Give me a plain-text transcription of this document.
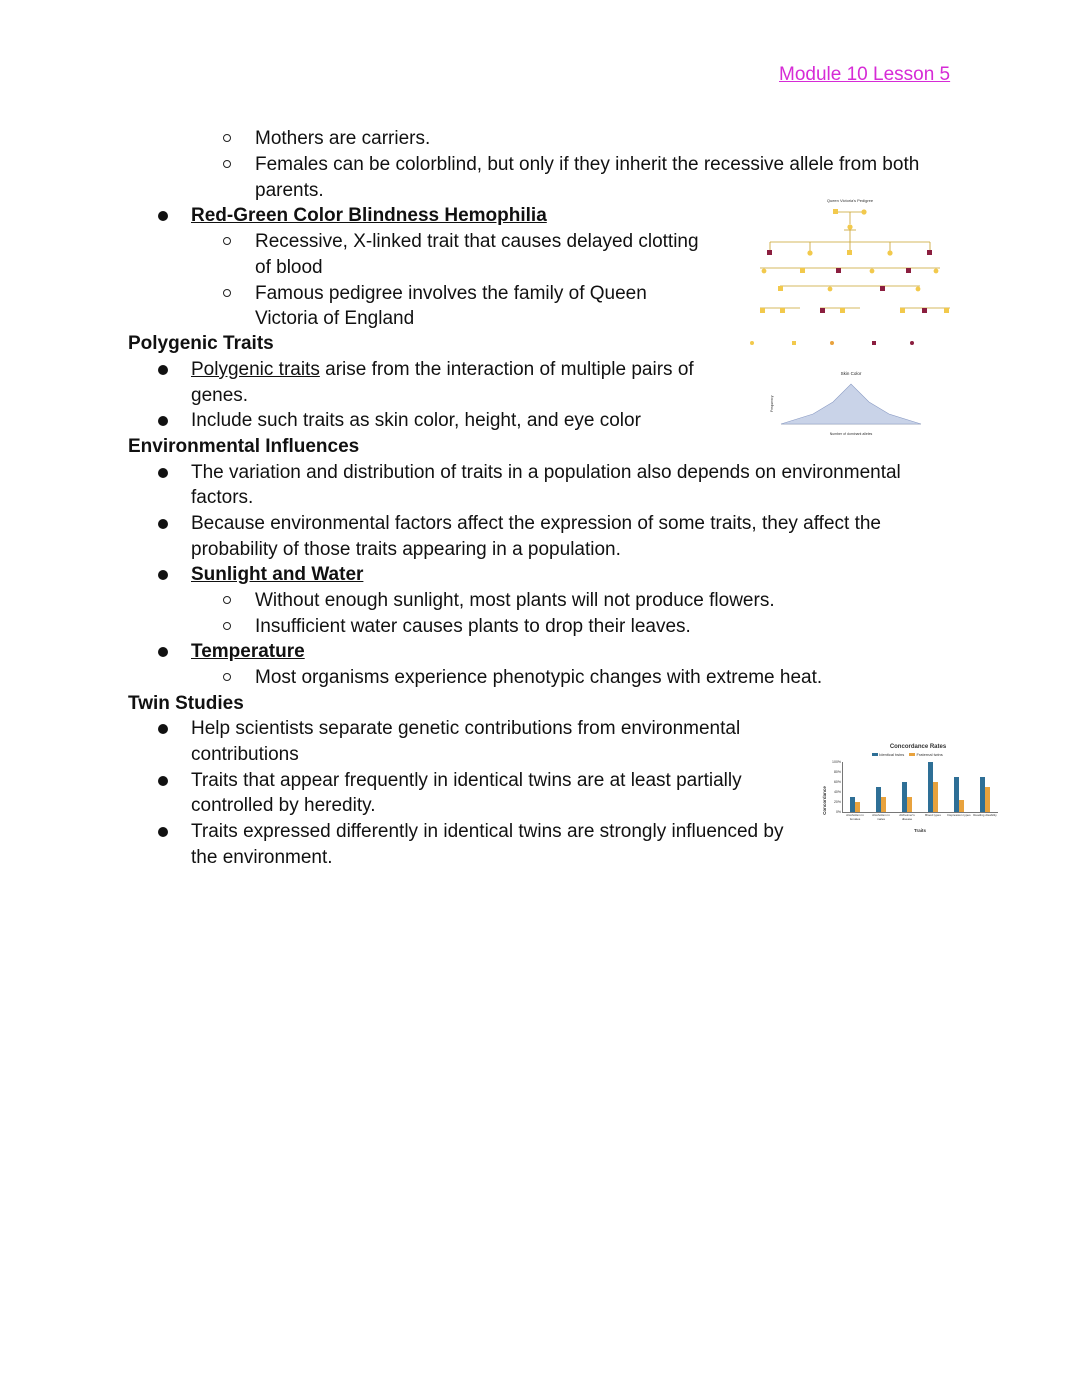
Module 10 Lesson 5
Mothers are carriers.
Females can be colorblind, but only if they inherit the recessive allele from both
parents.
Red-Green Color Blindness Hemophilia
Recessive, X-linked trait that causes delayed clotting
of blood
Famous pedigree involves the family of Queen
Victoria of England
Polygenic Traits
Polygenic traits arise from the interaction of multiple pairs of
genes.
Include such traits as skin color, height, and eye color
Environmental Influences
The variation and distribution of traits in a population also depends on environmental
factors.
Because environmental factors affect the expression of some traits, they affect the
probability of those traits appearing in a population.
Sunlight and Water
Without enough sunlight, most plants will not produce flowers.
Insufficient water causes plants to drop their leaves.
Temperature
Most organisms experience phenotypic changes with extreme heat.
Twin Studies
Help scientists separate genetic contributions from environmental
contributions
Traits that appear frequently in identical twins are at least partially
controlled by heredity.
Traits expressed differently in identical twins are strongly influenced by
the environment.
Queen Victoria's Pedigree
Skin Color
Frequency
Number of dominant alleles
Concordance Rates
Identical twins	Fraternal twins
Concordance
100%
80%
60%
40%
20%
0%
Alcoholism in females
Alcoholism in males
Alzheimer's disease
Blood types	Depression types Reading disability
Traits
